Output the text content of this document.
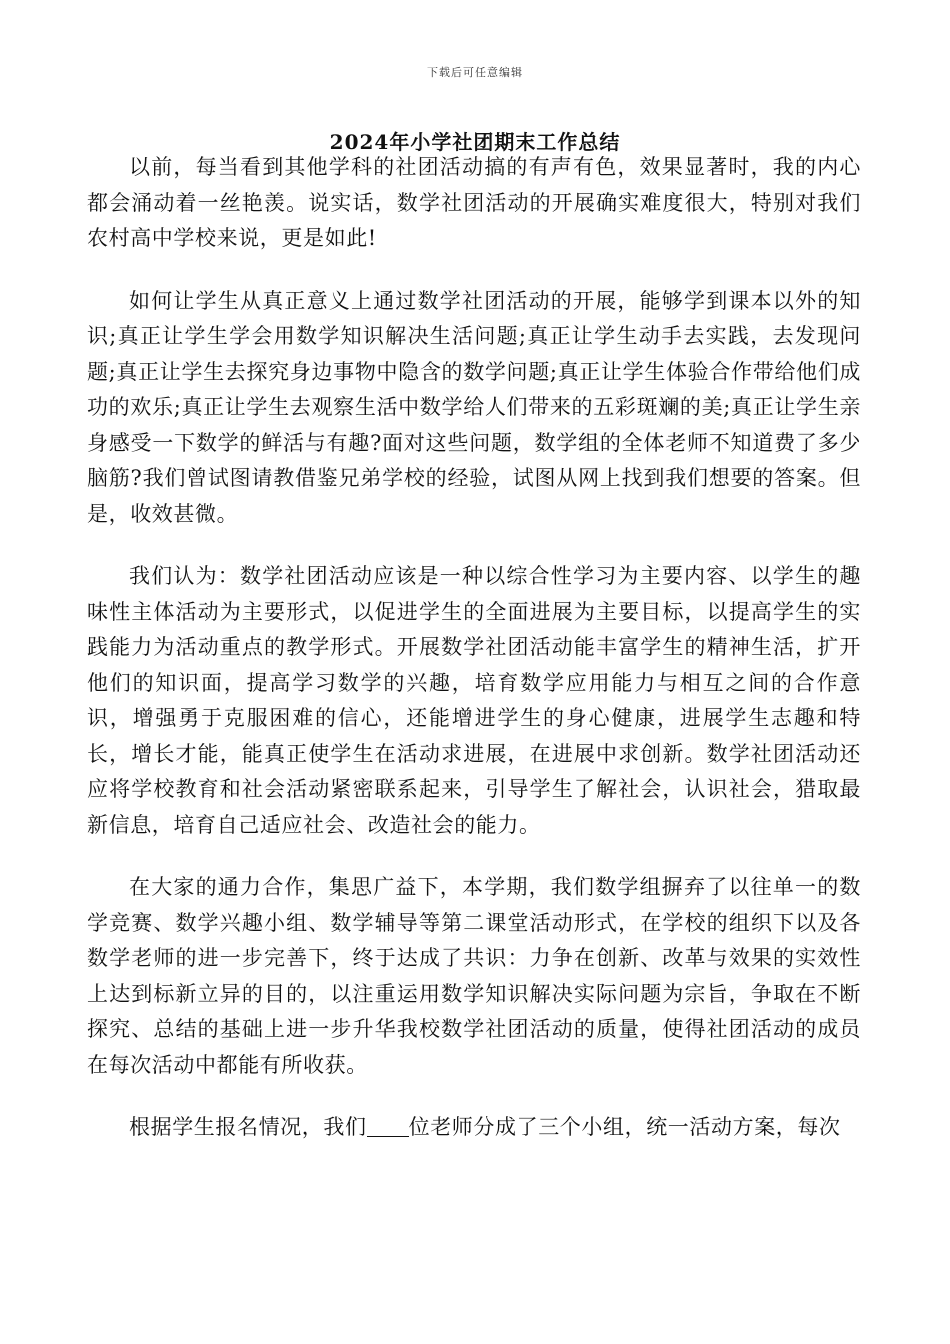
下载后可任意编辑
2024年小学社团期末工作总结

以前，每当看到其他学科的社团活动搞的有声有色，效果显著时，我的内心都会涌动着一丝艳羡。说实话，数学社团活动的开展确实难度很大，特别对我们农村高中学校来说，更是如此!

如何让学生从真正意义上通过数学社团活动的开展，能够学到课本以外的知识;真正让学生学会用数学知识解决生活问题;真正让学生动手去实践，去发现问题;真正让学生去探究身边事物中隐含的数学问题;真正让学生体验合作带给他们成功的欢乐;真正让学生去观察生活中数学给人们带来的五彩斑斓的美;真正让学生亲身感受一下数学的鲜活与有趣?面对这些问题，数学组的全体老师不知道费了多少脑筋?我们曾试图请教借鉴兄弟学校的经验，试图从网上找到我们想要的答案。但是，收效甚微。

我们认为：数学社团活动应该是一种以综合性学习为主要内容、以学生的趣味性主体活动为主要形式，以促进学生的全面进展为主要目标，以提高学生的实践能力为活动重点的教学形式。开展数学社团活动能丰富学生的精神生活，扩开他们的知识面，提高学习数学的兴趣，培育数学应用能力与相互之间的合作意识，增强勇于克服困难的信心，还能增进学生的身心健康，进展学生志趣和特长，增长才能，能真正使学生在活动求进展，在进展中求创新。数学社团活动还应将学校教育和社会活动紧密联系起来，引导学生了解社会，认识社会，猎取最新信息，培育自己适应社会、改造社会的能力。

在大家的通力合作，集思广益下，本学期，我们数学组摒弃了以往单一的数学竞赛、数学兴趣小组、数学辅导等第二课堂活动形式，在学校的组织下以及各数学老师的进一步完善下，终于达成了共识：力争在创新、改革与效果的实效性上达到标新立异的目的，以注重运用数学知识解决实际问题为宗旨，争取在不断探究、总结的基础上进一步升华我校数学社团活动的质量，使得社团活动的成员在每次活动中都能有所收获。

根据学生报名情况，我们 位老师分成了三个小组，统一活动方案，每次
